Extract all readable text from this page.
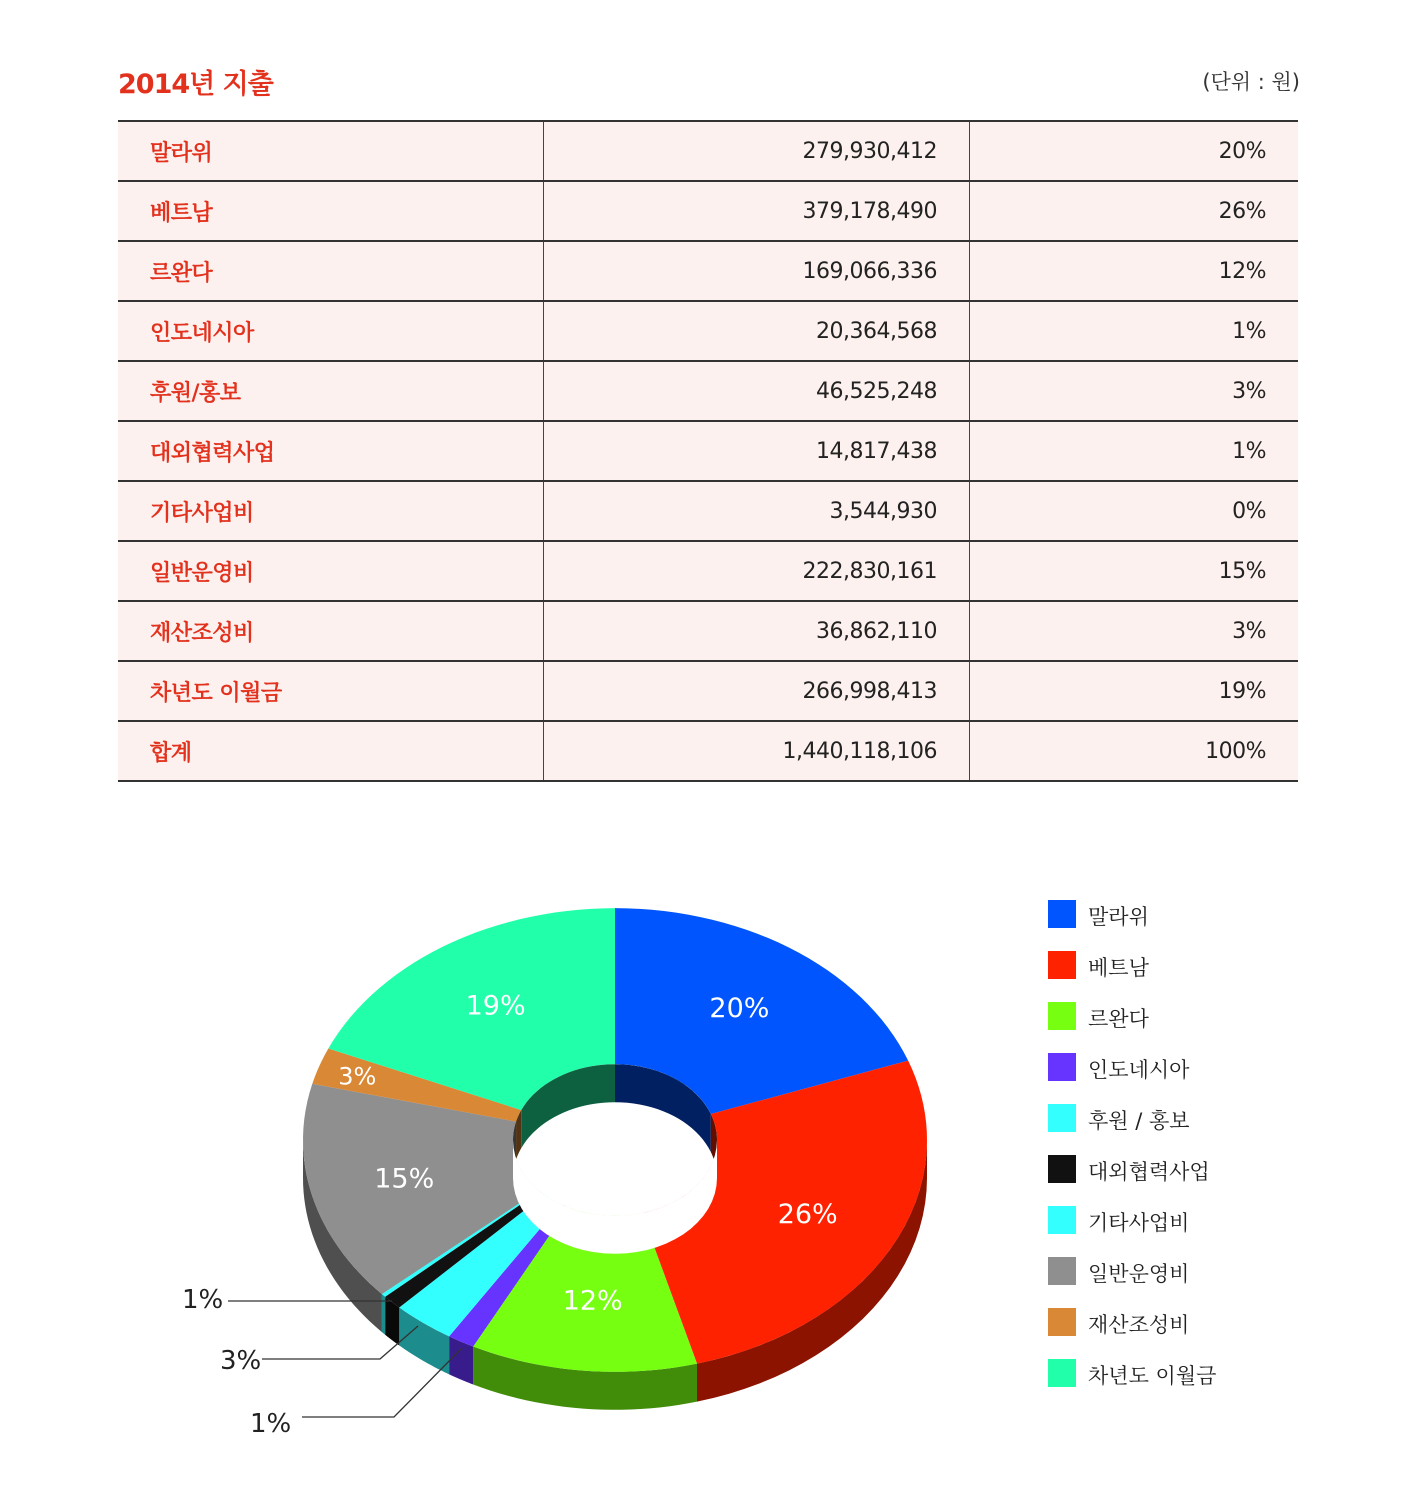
2014년 지출	(단위 : 원)
말라위	279,930,412	20%
베트남	379,178,490	26%
르완다	169,066,336	12%
인도네시아	20,364,568	1%
후원/홍보	46,525,248	3%
대외협력사업	14,817,438	1%
기타사업비	3,544,930	0%
일반운영비	222,830,161	15%
재산조성비	36,862,110	3%
차년도 이월금	266,998,413	19%
합계	1,440,118,106	100%
20%
26%
12%
1%
3%
1%
15%
3%
19%
말라위
베트남
르완다
인도네시아
후원 / 홍보
대외협력사업
기타사업비
일반운영비
재산조성비
차년도 이월금
